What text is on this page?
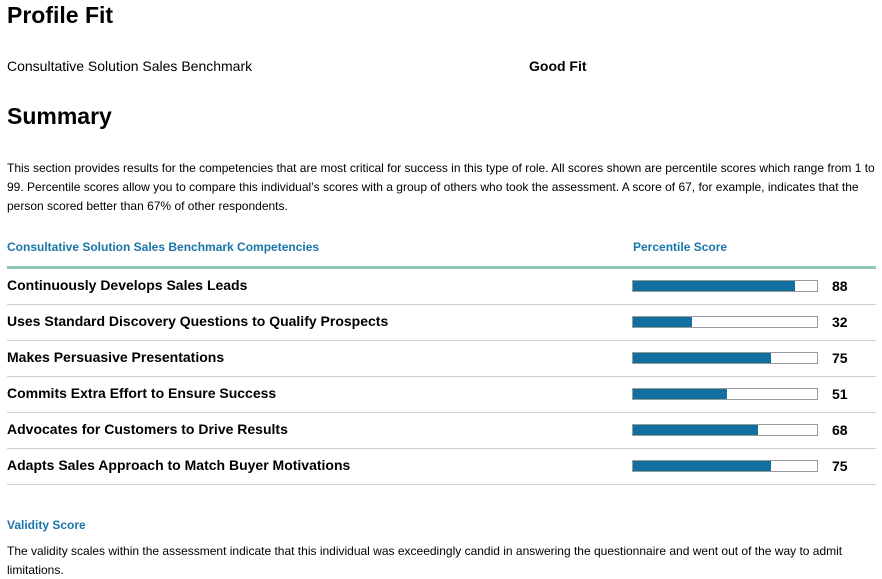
Profile Fit
Consultative Solution Sales Benchmark	Good Fit
Summary

This section provides results for the competencies that are most critical for success in this type of role. All scores shown are percentile scores which range from 1 to 99. Percentile scores allow you to compare this individual’s scores with a group of others who took the assessment. A score of 67, for example, indicates that the person scored better than 67% of other respondents.

Consultative Solution Sales Benchmark Competencies	Percentile Score
Continuously Develops Sales Leads	88
Uses Standard Discovery Questions to Qualify Prospects	32
Makes Persuasive Presentations	75
Commits Extra Effort to Ensure Success	51
Advocates for Customers to Drive Results	68
Adapts Sales Approach to Match Buyer Motivations	75
Validity Score

The validity scales within the assessment indicate that this individual was exceedingly candid in answering the questionnaire and went out of the way to admit limitations.
